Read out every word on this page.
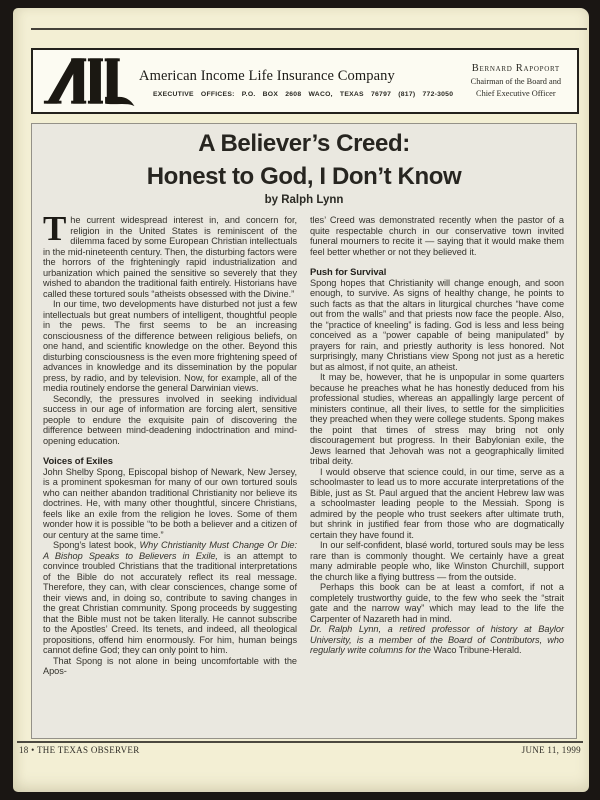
American Income Life Insurance Company
EXECUTIVE OFFICES: P.O. BOX 2608 WACO, TEXAS 76797 (817) 772-3050
Bernard Rapoport
Chairman of the Board and
Chief Executive Officer
A Believer’s Creed:
Honest to God, I Don’t Know
by Ralph Lynn

The current widespread interest in, and concern for, religion in the United States is reminiscent of the dilemma faced by some European Christian intellectuals in the mid-nineteenth century. Then, the disturbing factors were the horrors of the frighteningly rapid industrialization and urbanization which pained the sensitive so severely that they wished to abandon the traditional faith entirely. Historians have called these tortured souls “atheists obsessed with the Divine.”

In our time, two developments have disturbed not just a few intellectuals but great numbers of intelligent, thoughtful people in the pews. The first seems to be an increasing consciousness of the difference between religious beliefs, on one hand, and scientific knowledge on the other. Beyond this disturbing consciousness is the even more frightening speed of advances in knowledge and its dissemination by the popular press, by radio, and by television. Now, for example, all of the media routinely endorse the general Darwinian views.

Secondly, the pressures involved in seeking individual success in our age of information are forcing alert, sensitive people to endure the exquisite pain of discovering the difference between mind-deadening indoctrination and mind-opening education.

Voices of Exiles

John Shelby Spong, Episcopal bishop of Newark, New Jersey, is a prominent spokesman for many of our own tortured souls who can neither abandon traditional Christianity nor believe its doctrines. He, with many other thoughtful, sincere Christians, feels like an exile from the religion he loves. Some of them wonder how it is possible “to be both a believer and a citizen of our century at the same time.”

Spong’s latest book, Why Christianity Must Change Or Die: A Bishop Speaks to Believers in Exile, is an attempt to convince troubled Christians that the traditional interpretations of the Bible do not accurately reflect its real message. Therefore, they can, with clear consciences, change some of their views and, in doing so, contribute to saving changes in the great Christian community. Spong proceeds by suggesting that the Bible must not be taken literally. He cannot subscribe to the Apostles’ Creed. Its tenets, and indeed, all theological propositions, offend him enormously. For him, human beings cannot define God; they can only point to him.

That Spong is not alone in being uncomfortable with the Apos-

tles’ Creed was demonstrated recently when the pastor of a quite respectable church in our conservative town invited funeral mourners to recite it — saying that it would make them feel better whether or not they believed it.

Push for Survival

Spong hopes that Christianity will change enough, and soon enough, to survive. As signs of healthy change, he points to such facts as that the altars in liturgical churches “have come out from the walls” and that priests now face the people. Also, the “practice of kneeling” is fading. God is less and less being conceived as a “power capable of being manipulated” by prayers for rain, and priestly authority is less honored. Not surprisingly, many Christians view Spong not just as a heretic but as almost, if not quite, an atheist.

It may be, however, that he is unpopular in some quarters because he preaches what he has honestly deduced from his professional studies, whereas an appallingly large percent of ministers continue, all their lives, to settle for the simplicities they preached when they were college students. Spong makes the point that times of stress may bring not only discouragement but progress. In their Babylonian exile, the Jews learned that Jehovah was not a geographically limited tribal deity.

I would observe that science could, in our time, serve as a schoolmaster to lead us to more accurate interpretations of the Bible, just as St. Paul argued that the ancient Hebrew law was a schoolmaster leading people to the Messiah. Spong is admired by the people who trust seekers after ultimate truth, but shrink in justified fear from those who are dogmatically certain they have found it.

In our self-confident, blasé world, tortured souls may be less rare than is commonly thought. We certainly have a great many admirable people who, like Winston Churchill, support the church like a flying buttress — from the outside.

Perhaps this book can be at least a comfort, if not a completely trustworthy guide, to the few who seek the “strait gate and the narrow way” which may lead to the life the Carpenter of Nazareth had in mind.

Dr. Ralph Lynn, a retired professor of history at Baylor University, is a member of the Board of Contributors, who regularly write columns for the Waco Tribune-Herald.

18 • THE TEXAS OBSERVER	JUNE 11, 1999
